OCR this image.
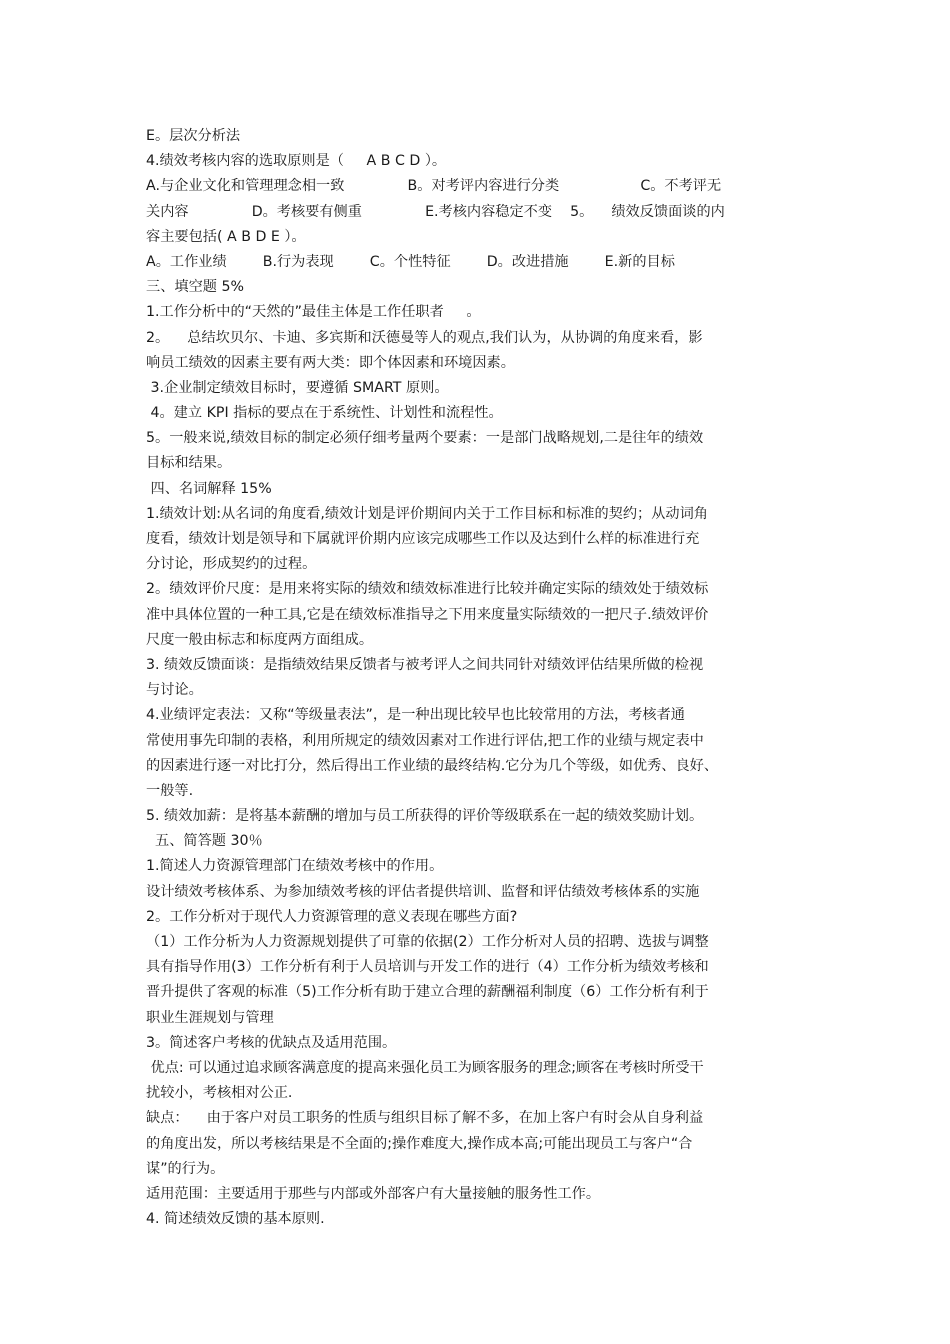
E。层次分析法
4.绩效考核内容的选取原则是（     A B C D ）。
A.与企业文化和管理理念相一致              B。对考评内容进行分类                  C。不考评无
关内容              D。考核要有侧重              E.考核内容稳定不变    5。    绩效反馈面谈的内
容主要包括( A B D E ）。
A。工作业绩        B.行为表现        C。个性特征        D。改进措施        E.新的目标
三、填空题 5%
1.工作分析中的“天然的”最佳主体是工作任职者     。
2。    总结坎贝尔、卡迪、多宾斯和沃德曼等人的观点,我们认为，从协调的角度来看，影
响员工绩效的因素主要有两大类：即个体因素和环境因素。
3.企业制定绩效目标时，要遵循 SMART 原则。
4。建立 KPI 指标的要点在于系统性、计划性和流程性。
5。一般来说,绩效目标的制定必须仔细考量两个要素：一是部门战略规划,二是往年的绩效
目标和结果。
四、名词解释 15%
1.绩效计划:从名词的角度看,绩效计划是评价期间内关于工作目标和标准的契约；从动词角
度看，绩效计划是领导和下属就评价期内应该完成哪些工作以及达到什么样的标准进行充
分讨论，形成契约的过程。
2。绩效评价尺度：是用来将实际的绩效和绩效标准进行比较并确定实际的绩效处于绩效标
准中具体位置的一种工具,它是在绩效标准指导之下用来度量实际绩效的一把尺子.绩效评价
尺度一般由标志和标度两方面组成。
3. 绩效反馈面谈：是指绩效结果反馈者与被考评人之间共同针对绩效评估结果所做的检视
与讨论。
4.业绩评定表法：又称“等级量表法”，是一种出现比较早也比较常用的方法，考核者通
常使用事先印制的表格，利用所规定的绩效因素对工作进行评估,把工作的业绩与规定表中
的因素进行逐一对比打分，然后得出工作业绩的最终结构.它分为几个等级，如优秀、良好、
一般等.
5. 绩效加薪：是将基本薪酬的增加与员工所获得的评价等级联系在一起的绩效奖励计划。
五、简答题 30％
1.简述人力资源管理部门在绩效考核中的作用。
设计绩效考核体系、为参加绩效考核的评估者提供培训、监督和评估绩效考核体系的实施
2。工作分析对于现代人力资源管理的意义表现在哪些方面?
（1）工作分析为人力资源规划提供了可靠的依据(2）工作分析对人员的招聘、选拔与调整
具有指导作用(3）工作分析有利于人员培训与开发工作的进行（4）工作分析为绩效考核和
晋升提供了客观的标准（5)工作分析有助于建立合理的薪酬福利制度（6）工作分析有利于
职业生涯规划与管理
3。简述客户考核的优缺点及适用范围。
优点: 可以通过追求顾客满意度的提高来强化员工为顾客服务的理念;顾客在考核时所受干
扰较小，考核相对公正.
缺点：    由于客户对员工职务的性质与组织目标了解不多，在加上客户有时会从自身利益
的角度出发，所以考核结果是不全面的;操作难度大,操作成本高;可能出现员工与客户“合
谋”的行为。
适用范围：主要适用于那些与内部或外部客户有大量接触的服务性工作。
4. 简述绩效反馈的基本原则.
